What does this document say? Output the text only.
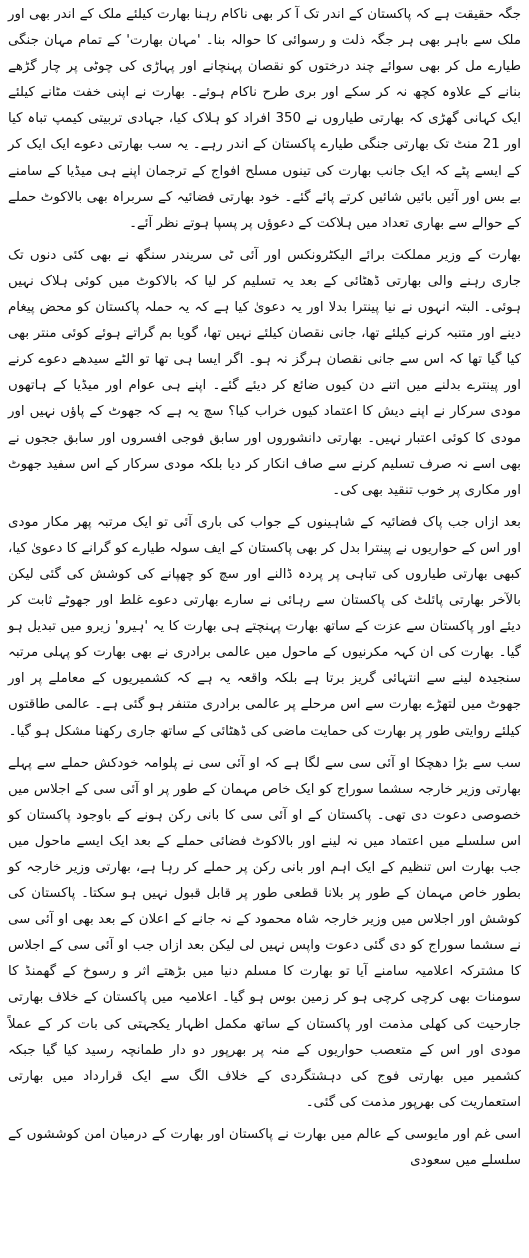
جگہ حقیقت ہے کہ پاکستان کے اندر تک آ کر بھی ناکام رہنا بھارت کیلئے ملک کے اندر بھی اور ملک سے باہر بھی ہر جگہ ذلت و رسوائی کا حوالہ بنا۔ 'مہان بھارت' کے تمام مہان جنگی طیارے مل کر بھی سوائے چند درختوں کو نقصان پہنچانے اور پہاڑی کی چوٹی پر چار گڑھے بنانے کے علاوہ کچھ نہ کر سکے اور بری طرح ناکام ہوئے۔ بھارت نے اپنی خفت مٹانے کیلئے ایک کہانی گھڑی کہ بھارتی طیاروں نے 350 افراد کو ہلاک کیا، جہادی تربیتی کیمپ تباہ کیا اور 21 منٹ تک بھارتی جنگی طیارے پاکستان کے اندر رہے۔ یہ سب بھارتی دعوے ایک ایک کر کے ایسے پٹے کہ ایک جانب بھارت کی تینوں مسلح افواج کے ترجمان اپنے ہی میڈیا کے سامنے بے بس اور آئیں بائیں شائیں کرتے پائے گئے۔ خود بھارتی فضائیہ کے سربراہ بھی بالاکوٹ حملے کے حوالے سے بھاری تعداد میں ہلاکت کے دعوؤں پر پسپا ہوتے نظر آئے۔

بھارت کے وزیر مملکت برائے الیکٹرونکس اور آئی ٹی سریندر سنگھ نے بھی کئی دنوں تک جاری رہنے والی بھارتی ڈھٹائی کے بعد یہ تسلیم کر لیا کہ بالاکوٹ میں کوئی ہلاک نہیں ہوئی۔ البتہ انہوں نے نیا پینترا بدلا اور یہ دعویٰ کیا ہے کہ یہ حملہ پاکستان کو محض پیغام دینے اور متنبہ کرنے کیلئے تھا، جانی نقصان کیلئے نہیں تھا، گویا بم گراتے ہوئے کوئی منتر بھی کیا گیا تھا کہ اس سے جانی نقصان ہرگز نہ ہو۔ اگر ایسا ہی تھا تو الٹے سیدھے دعوے کرنے اور پینترے بدلنے میں اتنے دن کیوں ضائع کر دیئے گئے۔ اپنے ہی عوام اور میڈیا کے ہاتھوں مودی سرکار نے اپنے دیش کا اعتماد کیوں خراب کیا؟ سچ یہ ہے کہ جھوٹ کے پاؤں نہیں اور مودی کا کوئی اعتبار نہیں۔ بھارتی دانشوروں اور سابق فوجی افسروں اور سابق ججوں نے بھی اسے نہ صرف تسلیم کرنے سے صاف انکار کر دیا بلکہ مودی سرکار کے اس سفید جھوٹ اور مکاری پر خوب تنقید بھی کی۔

بعد ازاں جب پاک فضائیہ کے شاہینوں کے جواب کی باری آئی تو ایک مرتبہ پھر مکار مودی اور اس کے حواریوں نے پینترا بدل کر بھی پاکستان کے ایف سولہ طیارے کو گرانے کا دعویٰ کیا، کبھی بھارتی طیاروں کی تباہی پر پردہ ڈالنے اور سچ کو چھپانے کی کوشش کی گئی لیکن بالآخر بھارتی پائلٹ کی پاکستان سے رہائی نے سارے بھارتی دعوے غلط اور جھوٹے ثابت کر دیئے اور پاکستان سے عزت کے ساتھ بھارت پہنچتے ہی بھارت کا یہ 'ہیرو' زیرو میں تبدیل ہو گیا۔ بھارت کی ان کہہ مکرنیوں کے ماحول میں عالمی برادری نے بھی بھارت کو پہلی مرتبہ سنجیدہ لینے سے انتہائی گریز برتا ہے بلکہ واقعہ یہ ہے کہ کشمیریوں کے معاملے پر اور جھوٹ میں لتھڑے بھارت سے اس مرحلے پر عالمی برادری متنفر ہو گئی ہے۔ عالمی طاقتوں کیلئے روایتی طور پر بھارت کی حمایت ماضی کی ڈھٹائی کے ساتھ جاری رکھنا مشکل ہو گیا۔

سب سے بڑا دھچکا او آئی سی سے لگا ہے کہ او آئی سی نے پلوامہ خودکش حملے سے پہلے بھارتی وزیر خارجہ سشما سوراج کو ایک خاص مہمان کے طور پر او آئی سی کے اجلاس میں خصوصی دعوت دی تھی۔ پاکستان کے او آئی سی کا بانی رکن ہونے کے باوجود پاکستان کو اس سلسلے میں اعتماد میں نہ لینے اور بالاکوٹ فضائی حملے کے بعد ایک ایسے ماحول میں جب بھارت اس تنظیم کے ایک اہم اور بانی رکن پر حملے کر رہا ہے، بھارتی وزیر خارجہ کو بطور خاص مہمان کے طور پر بلانا قطعی طور پر قابل قبول نہیں ہو سکتا۔ پاکستان کی کوشش اور اجلاس میں وزیر خارجہ شاہ محمود کے نہ جانے کے اعلان کے بعد بھی او آئی سی نے سشما سوراج کو دی گئی دعوت واپس نہیں لی لیکن بعد ازاں جب او آئی سی کے اجلاس کا مشترکہ اعلامیہ سامنے آیا تو بھارت کا مسلم دنیا میں بڑھتے اثر و رسوخ کے گھمنڈ کا سومنات بھی کرچی کرچی ہو کر زمین بوس ہو گیا۔ اعلامیہ میں پاکستان کے خلاف بھارتی جارحیت کی کھلی مذمت اور پاکستان کے ساتھ مکمل اظہار یکجہتی کی بات کر کے عملاً مودی اور اس کے متعصب حواریوں کے منہ پر بھرپور دو دار طمانچہ رسید کیا گیا جبکہ کشمیر میں بھارتی فوج کی دہشتگردی کے خلاف الگ سے ایک قرارداد میں بھارتی استعماریت کی بھرپور مذمت کی گئی۔

اسی غم اور مایوسی کے عالم میں بھارت نے پاکستان اور بھارت کے درمیان امن کوششوں کے سلسلے میں سعودی
